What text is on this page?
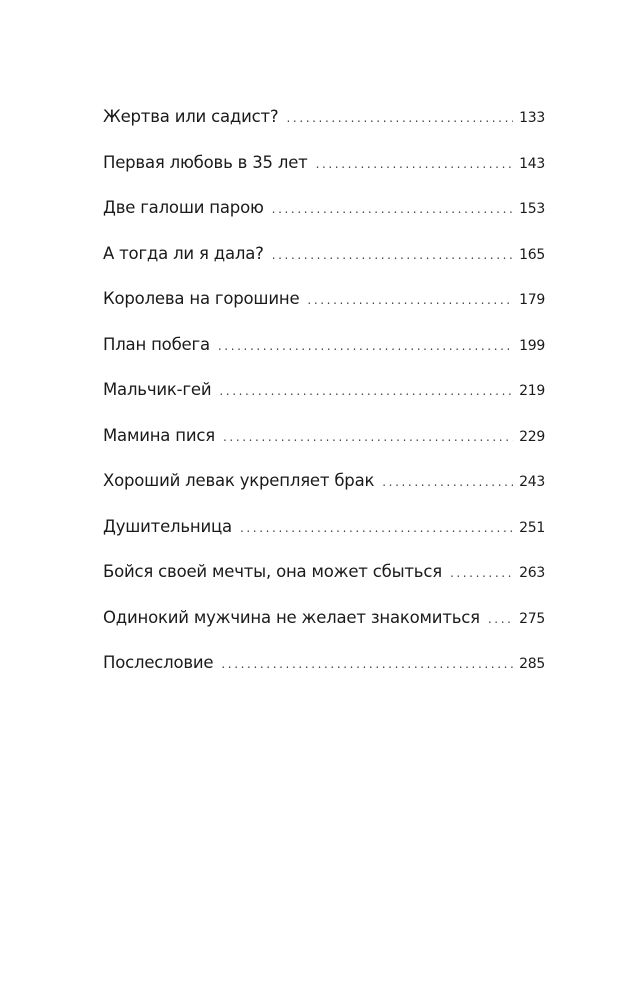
Жертва или садист? .....	133
Первая любовь в 35 лет .....	143
Две галоши парою .....	153
А тогда ли я дала? .....	165
Королева на горошине .....	179
План побега .....	199
Мальчик-гей .....	219
Мамина пися .....	229
Хороший левак укрепляет брак .....	243
Душительница .....	251
Бойся своей мечты, она может сбыться .....	263
Одинокий мужчина не желает знакомиться .....	275
Послесловие .....	285
